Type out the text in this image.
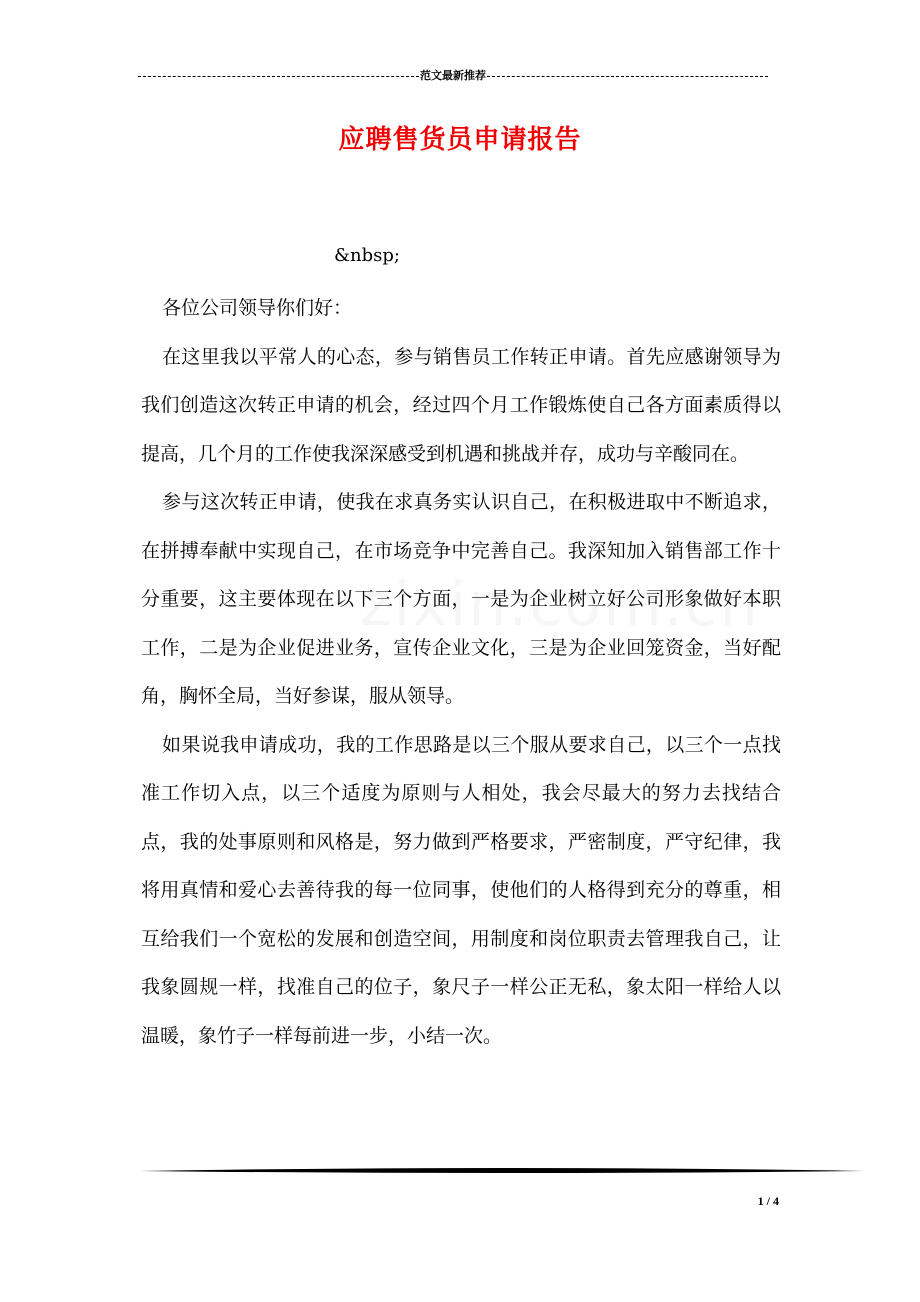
范文最新推荐
应聘售货员申请报告
&nbsp;

各位公司领导你们好：

在这里我以平常人的心态，参与销售员工作转正申请。首先应感谢领导为我们创造这次转正申请的机会，经过四个月工作锻炼使自己各方面素质得以提高，几个月的工作使我深深感受到机遇和挑战并存，成功与辛酸同在。

参与这次转正申请，使我在求真务实认识自己，在积极进取中不断追求，在拼搏奉献中实现自己，在市场竞争中完善自己。我深知加入销售部工作十分重要，这主要体现在以下三个方面，一是为企业树立好公司形象做好本职工作，二是为企业促进业务，宣传企业文化，三是为企业回笼资金，当好配角，胸怀全局，当好参谋，服从领导。

如果说我申请成功，我的工作思路是以三个服从要求自己，以三个一点找准工作切入点，以三个适度为原则与人相处，我会尽最大的努力去找结合点，我的处事原则和风格是，努力做到严格要求，严密制度，严守纪律，我将用真情和爱心去善待我的每一位同事，使他们的人格得到充分的尊重，相互给我们一个宽松的发展和创造空间，用制度和岗位职责去管理我自己，让我象圆规一样，找准自己的位子，象尺子一样公正无私，象太阳一样给人以温暖，象竹子一样每前进一步，小结一次。

1 / 4
